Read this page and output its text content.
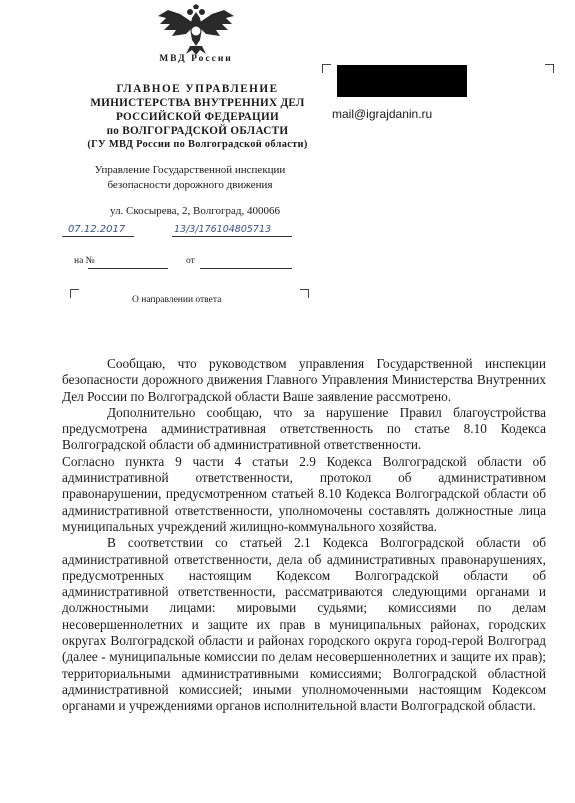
МВД России
ГЛАВНОЕ УПРАВЛЕНИЕ
МИНИСТЕРСТВА ВНУТРЕННИХ ДЕЛ
РОССИЙСКОЙ ФЕДЕРАЦИИ
по ВОЛГОГРАДСКОЙ ОБЛАСТИ
(ГУ МВД России по Волгоградской области)
Управление Государственной инспекции
безопасности дорожного движения
ул. Скосырева, 2, Волгоград, 400066
mail@igrajdanin.ru
07.12.2017	13/3/176104805713
на №	от
О направлении ответа

Сообщаю, что руководством управления Государственной инспекции безопасности дорожного движения Главного Управления Министерства Внутренних Дел России по Волгоградской области Ваше заявление рассмотрено.

Дополнительно сообщаю, что за нарушение Правил благоустройства предусмотрена административная ответственность по статье 8.10 Кодекса Волгоградской области об административной ответственности.

Согласно пункта 9 части 4 статьи 2.9 Кодекса Волгоградской области об административной ответственности, протокол об административном правонарушении, предусмотренном статьей 8.10 Кодекса Волгоградской области об административной ответственности, уполномочены составлять должностные лица муниципальных учреждений жилищно-коммунального хозяйства.

В соответствии со статьей 2.1 Кодекса Волгоградской области об административной ответственности, дела об административных правонарушениях, предусмотренных настоящим Кодексом Волгоградской области об административной ответственности, рассматриваются следующими органами и должностными лицами: мировыми судьями; комиссиями по делам несовершеннолетних и защите их прав в муниципальных районах, городских округах Волгоградской области и районах городского округа город-герой Волгоград (далее - муниципальные комиссии по делам несовершеннолетних и защите их прав); территориальными административными комиссиями; Волгоградской областной административной комиссией; иными уполномоченными настоящим Кодексом органами и учреждениями органов исполнительной власти Волгоградской области.
